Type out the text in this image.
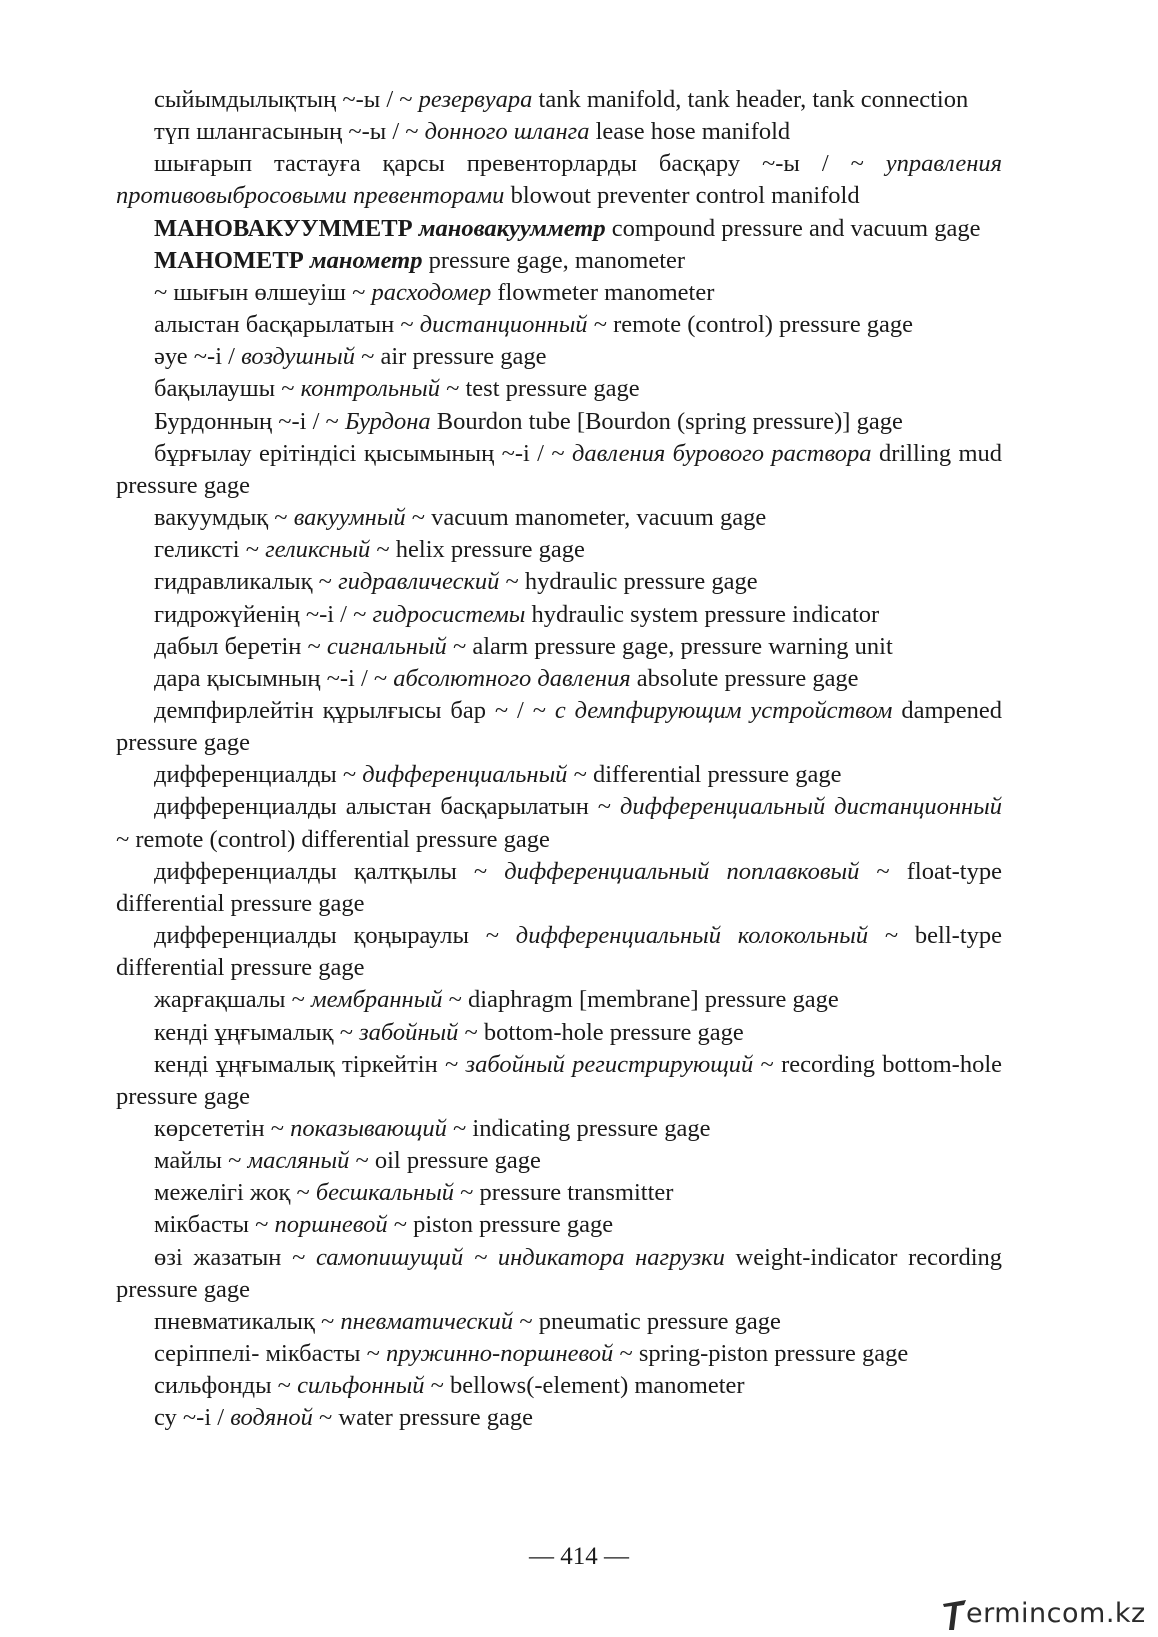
сыйымдылықтың ~-ы / ~ резервуара tank manifold, tank header, tank connection

түп шлангасының ~-ы / ~ донного шланга lease hose manifold

шығарып тастауға қарсы превенторларды басқару ~-ы / ~ управления противовыбросовыми превенторами blowout preventer control manifold

МАНОВАКУУММЕТР мановакуумметр compound pressure and vacuum gage

МАНОМЕТР манометр pressure gage, manometer

~ шығын өлшеуіш ~ расходомер flowmeter manometer

алыстан басқарылатын ~ дистанционный ~ remote (control) pressure gage

әуе ~-і / воздушный ~ air pressure gage

бақылаушы ~ контрольный ~ test pressure gage

Бурдонның ~-і / ~ Бурдона Bourdon tube [Bourdon (spring pressure)] gage

бұрғылау ерітіндісі қысымының ~-і / ~ давления бурового раствора drilling mud pressure gage

вакуумдық ~ вакуумный ~ vacuum manometer, vacuum gage

геликсті ~ геликсный ~ helix pressure gage

гидравликалық ~ гидравлический ~ hydraulic pressure gage

гидрожүйенің ~-і / ~ гидросистемы hydraulic system pressure indicator

дабыл беретін ~ сигнальный ~ alarm pressure gage, pressure warning unit

дара қысымның ~-і / ~ абсолютного давления absolute pressure gage

демпфирлейтін құрылғысы бар ~ / ~ с демпфирующим устройством dampened pressure gage

дифференциалды ~ дифференциальный ~ differential pressure gage

дифференциалды алыстан басқарылатын ~ дифференциальный дистанционный ~ remote (control) differential pressure gage

дифференциалды қалтқылы ~ дифференциальный поплавковый ~ float-type differential pressure gage

дифференциалды қоңыраулы ~ дифференциальный колокольный ~ bell-type differential pressure gage

жарғақшалы ~ мембранный ~ diaphragm [membrane] pressure gage

кенді ұңғымалық ~ забойный ~ bottom-hole pressure gage

кенді ұңғымалық тіркейтін ~ забойный регистрирующий ~ recording bottom-hole pressure gage

көрсететін ~ показывающий ~ indicating pressure gage

майлы ~ масляный ~ oil pressure gage

межелігі жоқ ~ бесшкальный ~ pressure transmitter

мікбасты ~ поршневой ~ piston pressure gage

өзі жазатын ~ самопишущий ~ индикатора нагрузки weight-indicator recording pressure gage

пневматикалық ~ пневматический ~ pneumatic pressure gage

серіппелі- мікбасты ~ пружинно-поршневой ~ spring-piston pressure gage

сильфонды ~ сильфонный ~ bellows(-element) manometer

су ~-і / водяной ~ water pressure gage

— 414 —
ermincom.kz
